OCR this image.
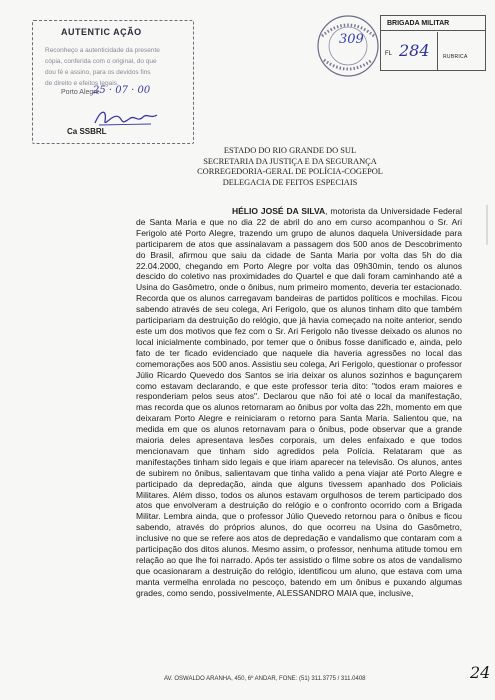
AUTENTIC AÇÃO
Reconheço a autenticidade da presente
cópia, conferida com o original, do que
dou fé e assino, para os devidos fins
de direito e efeitos legais.
Porto Alegre
25 · 07 · 00
Ca SSBRL
309
BRIGADA MILITAR
FL 284	RUBRICA
ESTADO DO RIO GRANDE DO SUL
SECRETARIA DA JUSTIÇA E DA SEGURANÇA
CORREGEDORIA-GERAL DE POLÍCIA-COGEPOL
DELEGACIA DE FEITOS ESPECIAIS
HÉLIO JOSÉ DA SILVA, motorista da Universidade Federal de Santa Maria e que no dia 22 de abril do ano em curso acompanhou o Sr. Ari Ferigolo até Porto Alegre, trazendo um grupo de alunos daquela Universidade para participarem de atos que assinalavam a passagem dos 500 anos de Descobrimento do Brasil, afirmou que saiu da cidade de Santa Maria por volta das 5h do dia 22.04.2000, chegando em Porto Alegre por volta das 09h30min, tendo os alunos descido do coletivo nas proximidades do Quartel e que dali foram caminhando até a Usina do Gasômetro, onde o ônibus, num primeiro momento, deveria ter estacionado. Recorda que os alunos carregavam bandeiras de partidos políticos e mochilas. Ficou sabendo através de seu colega, Ari Ferigolo, que os alunos tinham dito que também participariam da destruição do relógio, que já havia começado na noite anterior, sendo este um dos motivos que fez com o Sr. Ari Ferigolo não tivesse deixado os alunos no local inicialmente combinado, por temer que o ônibus fosse danificado e, ainda, pelo fato de ter ficado evidenciado que naquele dia haveria agressões no local das comemorações aos 500 anos. Assistiu seu colega, Ari Ferigolo, questionar o professor Júlio Ricardo Quevedo dos Santos se iria deixar os alunos sozinhos e bagunçarem como estavam declarando, e que este professor teria dito: "todos eram maiores e responderiam pelos seus atos". Declarou que não foi até o local da manifestação, mas recorda que os alunos retornaram ao ônibus por volta das 22h, momento em que deixaram Porto Alegre e reiniciaram o retorno para Santa Maria. Salientou que, na medida em que os alunos retornavam para o ônibus, pode observar que a grande maioria deles apresentava lesões corporais, um deles enfaixado e que todos mencionavam que tinham sido agredidos pela Polícia. Relataram que as manifestações tinham sido legais e que iriam aparecer na televisão. Os alunos, antes de subirem no ônibus, salientavam que tinha valido a pena viajar até Porto Alegre e participado da depredação, ainda que alguns tivessem apanhado dos Policiais Militares. Além disso, todos os alunos estavam orgulhosos de terem participado dos atos que envolveram a destruição do relógio e o confronto ocorrido com a Brigada Militar. Lembra ainda, que o professor Júlio Quevedo retornou para o ônibus e ficou sabendo, através do próprios alunos, do que ocorreu na Usina do Gasômetro, inclusive no que se refere aos atos de depredação e vandalismo que contaram com a participação dos ditos alunos. Mesmo assim, o professor, nenhuma atitude tomou em relação ao que lhe foi narrado. Após ter assistido o filme sobre os atos de vandalismo que ocasionaram a destruição do relógio, identificou um aluno, que estava com uma manta vermelha enrolada no pescoço, batendo em um ônibus e puxando algumas grades, como sendo, possivelmente, ALESSANDRO MAIA que, inclusive,
AV. OSWALDO ARANHA, 450, 6º ANDAR, FONE: (51) 311.3775 / 311.0408	24
